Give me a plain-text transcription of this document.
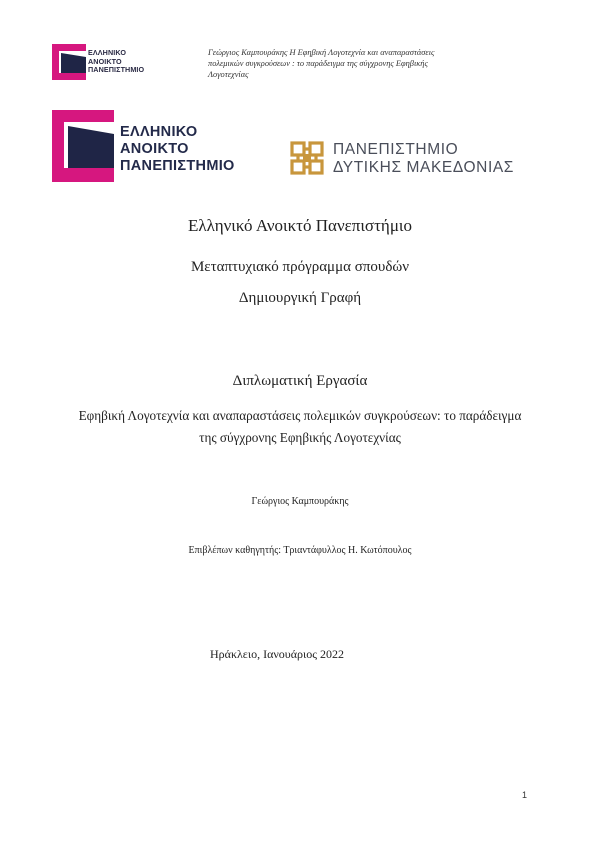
ΕΛΛΗΝΙΚΟ
ΑΝΟΙΚΤΟ
ΠΑΝΕΠΙΣΤΗΜΙΟ
Γεώργιος Καμπουράκης Η Εφηβική Λογοτεχνία και αναπαραστάσεις
πολεμικών συγκρούσεων : το παράδειγμα της σύγχρονης Εφηβικής
Λογοτεχνίας
ΕΛΛΗΝΙΚΟ
ΑΝΟΙΚΤΟ
ΠΑΝΕΠΙΣΤΗΜΙΟ
ΠΑΝΕΠΙΣΤΗΜΙΟ
ΔΥΤΙΚΗΣ ΜΑΚΕΔΟΝΙΑΣ
Ελληνικό Ανοικτό Πανεπιστήμιο
Μεταπτυχιακό πρόγραμμα σπουδών
Δημιουργική Γραφή
Διπλωματική Εργασία
Εφηβική Λογοτεχνία και αναπαραστάσεις πολεμικών συγκρούσεων: το παράδειγμα
της σύγχρονης Εφηβικής Λογοτεχνίας
Γεώργιος Καμπουράκης
Επιβλέπων καθηγητής: Τριαντάφυλλος Η. Κωτόπουλος
Ηράκλειο, Ιανουάριος 2022
1
